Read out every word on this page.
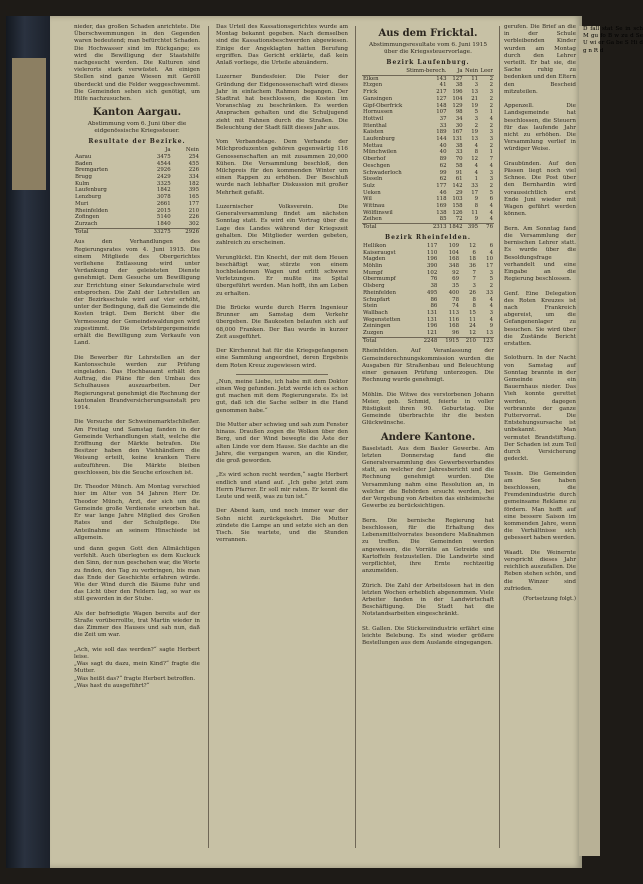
nieder, das großen Schaden anrichtete. Die Überschwemmungen in den Gegenden waren bedeutend; man befürchtet Schaden. Die Hochwasser sind im Rückgange; es wird die Bewilligung der Staatshilfe nachgesucht werden. Die Kulturen sind vielerorts stark verwüstet. An einigen Stellen sind ganze Wiesen mit Geröll überdeckt und die Felder weggeschwemmt. Die Gemeinden sehen sich genötigt, um Hilfe nachzusuchen.
Kanton Aargau.
Abstimmung vom 6. Juni über die eidgenössische Kriegssteuer.
Resultate der Bezirke.
	Ja	Nein
Aarau	3475	254
Baden	4544	455
Bremgarten	2926	226
Brugg	2429	334
Kulm	3325	182
Laufenburg	1842	395
Lenzburg	3078	165
Muri	2661	177
Rheinfelden	2015	210
Zofingen	5140	226
Zurzach	1840	302
Total	33275	2926
Aus den Verhandlungen des Regierungsrates vom 4. Juni 1915. Die einem Mitgliede des Obergerichtes verliehene Entlassung wird unter Verdankung der geleisteten Dienste genehmigt. Dem Gesuche um Bewilligung zur Errichtung einer Sekundarschule wird entsprochen. Die Zahl der Lehrstellen an der Bezirksschule wird auf vier erhöht, unter der Bedingung, daß die Gemeinde die Kosten trägt. Dem Bericht über die Vermessung der Gemeindewaldungen wird zugestimmt. Die Ortsbürgergemeinde erhält die Bewilligung zum Verkaufe von Land.

Die Bewerber für Lehrstellen an der Kantonsschule werden zur Prüfung eingeladen. Das Hochbauamt erhält den Auftrag, die Pläne für den Umbau des Schulhauses auszuarbeiten. Der Regierungsrat genehmigt die Rechnung der kantonalen Brandversicherungsanstalt pro 1914.

Die Versuche der Schweinemarktschließer. Am Freitag und Samstag fanden in der Gemeinde Verhandlungen statt, welche die Eröffnung der Märkte betrafen. Die Besitzer haben den Viehhändlern die Weisung erteilt, keine kranken Tiere aufzuführen. Die Märkte bleiben geschlossen, bis die Seuche erloschen ist.

Dr. Theodor Münch. Am Montag verschied hier im Alter von 54 Jahren Herr Dr. Theodor Münch, Arzt, der sich um die Gemeinde große Verdienste erworben hat. Er war lange Jahre Mitglied des Großen Rates und der Schulpflege. Die Anteilnahme an seinem Hinschiede ist allgemein.
und dann gegen Gott den Allmächtigen verfehlt. Auch überlegten es dem Kuckuck den Sinn, der nun geschehen war, die Worte zu finden, den Tag zu verbringen, bis man das Ende der Geschichte erfahren würde. Wie der Wind durch die Bäume fuhr und das Licht über den Feldern lag, so war es still geworden in der Stube.

Als der befriedigte Wagen bereits auf der Straße vorüberrollte, trat Martin wieder in das Zimmer des Hauses und sah nun, daß die Zeit um war.

„Ach, wie soll das werden?“ sagte Herbert leise.
„Was sagt du dazu, mein Kind?“ fragte die Mutter.
„Was heißt das?“ fragte Herbert betroffen.
„Was hast du ausgeführt?“
Das Urteil des Kassationsgerichtes wurde am Montag bekannt gegeben. Nach demselben sind die Kassationsbeschwerden abgewiesen. Einige der Angeklagten hatten Berufung ergriffen. Das Gericht erklärte, daß kein Anlaß vorliege, die Urteile abzuändern.

Luzerner Bundesfeier. Die Feier der Gründung der Eidgenossenschaft wird dieses Jahr in einfachem Rahmen begangen. Der Stadtrat hat beschlossen, die Kosten im Voranschlag zu beschränken. Es werden Ansprachen gehalten und die Schuljugend zieht mit Fahnen durch die Straßen. Die Beleuchtung der Stadt fällt dieses Jahr aus.

Vom Verbandstage. Dem Verbande der Milchproduzenten gehören gegenwärtig 116 Genossenschaften an mit zusammen 20,000 Kühen. Die Versammlung beschloß, den Milchpreis für den kommenden Winter um einen Rappen zu erhöhen. Der Beschluß wurde nach lebhafter Diskussion mit großer Mehrheit gefaßt.

Luzernischer Volksverein. Die Generalversammlung findet am nächsten Sonntag statt. Es wird ein Vortrag über die Lage des Landes während der Kriegszeit gehalten. Die Mitglieder werden gebeten, zahlreich zu erscheinen.

Verunglückt. Ein Knecht, der mit dem Heuen beschäftigt war, stürzte von einem hochbeladenen Wagen und erlitt schwere Verletzungen. Er mußte ins Spital übergeführt werden. Man hofft, ihn am Leben zu erhalten.

Die Brücke wurde durch Herrn Ingenieur Brunner am Samstag dem Verkehr übergeben. Die Baukosten belaufen sich auf 68,000 Franken. Der Bau wurde in kurzer Zeit ausgeführt.

Der Kirchenrat hat für die Kriegsgefangenen eine Sammlung angeordnet, deren Ergebnis dem Roten Kreuz zugewiesen wird.
„Nun, meine Liebe, ich habe mit dem Doktor einen Weg gefunden. Jetzt werde ich es schon gut machen mit dem Regierungsrate. Es ist gut, daß ich die Sache selber in die Hand genommen habe.“

Die Mutter aber schwieg und sah zum Fenster hinaus. Draußen zogen die Wolken über den Berg, und der Wind bewegte die Äste der alten Linde vor dem Hause. Sie dachte an die Jahre, die vergangen waren, an die Kinder, die groß geworden.

„Es wird schon recht werden,“ sagte Herbert endlich und stand auf. „Ich gehe jetzt zum Herrn Pfarrer. Er soll mir raten. Er kennt die Leute und weiß, was zu tun ist.“

Der Abend kam, und noch immer war der Sohn nicht zurückgekehrt. Die Mutter zündete die Lampe an und setzte sich an den Tisch. Sie wartete, und die Stunden verrannen.
Aus dem Fricktal.
Abstimmungsresultate vom 6. Juni 1915 über die Kriegssteuervorlage.
Bezirk Laufenburg.
	Stimm-berech.	Ja	Nein	Leer
Eiken	143	127	11	2
Etzgen	41	38	3	2
Frick	217	196	13	3
Gansingen	127	104	21	2
Gipf-Oberfrick	148	129	19	2
Hornussen	107	98	5	1
Hottwil	37	34	3	4
Ittenthal	33	30	2	2
Kaisten	189	167	19	3
Laufenburg	144	131	13	3
Mettau	40	38	4	2
Münchwilen	40	33	8	1
Oberhof	89	70	12	7
Oeschgen	62	58	4	4
Schwaderloch	99	91	4	3
Sisseln	62	61	1	3
Sulz	177	142	33	2
Ueken	46	29	17	5
Wil	118	103	9	6
Wittnau	169	158	8	4
Wölflinswil	138	126	11	4
Zeihen	85	72	9	4
Total	2313	1842	395	76
Bezirk Rheinfelden.
Hellikon	117	109	12	6
Kaiseraugst	110	104	6	4
Magden	196	168	18	10
Möhlin	390	348	36	17
Mumpf	102	92	7	3
Obermumpf	76	69	7	5
Olsberg	38	35	3	2
Rheinfelden	495	400	26	33
Schupfart	86	78	8	4
Stein	86	74	8	4
Wallbach	131	113	15	3
Wegenstetten	131	116	11	4
Zeiningen	196	168	24	9
Zuzgen	121	96	12	13
Total	2248	1915	210	123
Rheinfelden. Auf Veranlassung der Gemeinderechnungskommission wurden die Ausgaben für Straßenbau und Beleuchtung einer genauen Prüfung unterzogen. Die Rechnung wurde genehmigt.

Möhlin. Die Witwe des verstorbenen Johann Meier, geb. Schmid, feierte in voller Rüstigkeit ihren 90. Geburtstag. Die Gemeinde überbrachte ihr die besten Glückwünsche.
Andere Kantone.
Baselstadt. Aus dem Basler Gewerbe. Am letzten Donnerstag fand die Generalversammlung des Gewerbeverbandes statt, an welcher der Jahresbericht und die Rechnung genehmigt wurden. Die Versammlung nahm eine Resolution an, in welcher die Behörden ersucht werden, bei der Vergebung von Arbeiten das einheimische Gewerbe zu berücksichtigen.

Bern. Die bernische Regierung hat beschlossen, für die Erhaltung des Lebensmittelvorrates besondere Maßnahmen zu treffen. Die Gemeinden werden angewiesen, die Vorräte an Getreide und Kartoffeln festzustellen. Die Landwirte sind verpflichtet, ihre Ernte rechtzeitig anzumelden.

Zürich. Die Zahl der Arbeitslosen hat in den letzten Wochen erheblich abgenommen. Viele Arbeiter fanden in der Landwirtschaft Beschäftigung. Die Stadt hat die Notstandsarbeiten eingeschränkt.

St. Gallen. Die Stickereiindustrie erfährt eine leichte Belebung. Es sind wieder größere Bestellungen aus dem Auslande eingegangen.
gerufen. Die Brief an die in der Schule verbleibenden Kinder wurden am Montag durch den Lehrer verteilt. Er bat sie, die Sache ruhig zu bedenken und den Eltern den Bescheid mitzuteilen.

Appenzell. Die Landsgemeinde hat beschlossen, die Steuern für das laufende Jahr nicht zu erhöhen. Die Versammlung verlief in würdiger Weise.

Graubünden. Auf den Pässen liegt noch viel Schnee. Die Post über den Bernhardin wird voraussichtlich erst Ende Juni wieder mit Wagen geführt werden können.

Bern. Am Sonntag fand die Versammlung der bernischen Lehrer statt. Es wurde über die Besoldungsfrage verhandelt und eine Eingabe an die Regierung beschlossen.

Genf. Eine Delegation des Roten Kreuzes ist nach Frankreich abgereist, um die Gefangenenlager zu besuchen. Sie wird über die Zustände Bericht erstatten.

Solothurn. In der Nacht von Samstag auf Sonntag brannte in der Gemeinde ein Bauernhaus nieder. Das Vieh konnte gerettet werden, dagegen verbrannte der ganze Futtervorrat. Die Entstehungsursache ist unbekannt. Man vermutet Brandstiftung. Der Schaden ist zum Teil durch Versicherung gedeckt.

Tessin. Die Gemeinden am See haben beschlossen, die Fremdenindustrie durch gemeinsame Reklame zu fördern. Man hofft auf eine bessere Saison im kommenden Jahre, wenn die Verhältnisse sich gebessert haben werden.

Waadt. Die Weinernte verspricht dieses Jahr reichlich auszufallen. Die Reben stehen schön, und die Winzer sind zufrieden.
(Fortsetzung folgt.)
D fall stat Se in sch M gu fo B w zu d Se U wi er Ga be S Hi d g n R d
